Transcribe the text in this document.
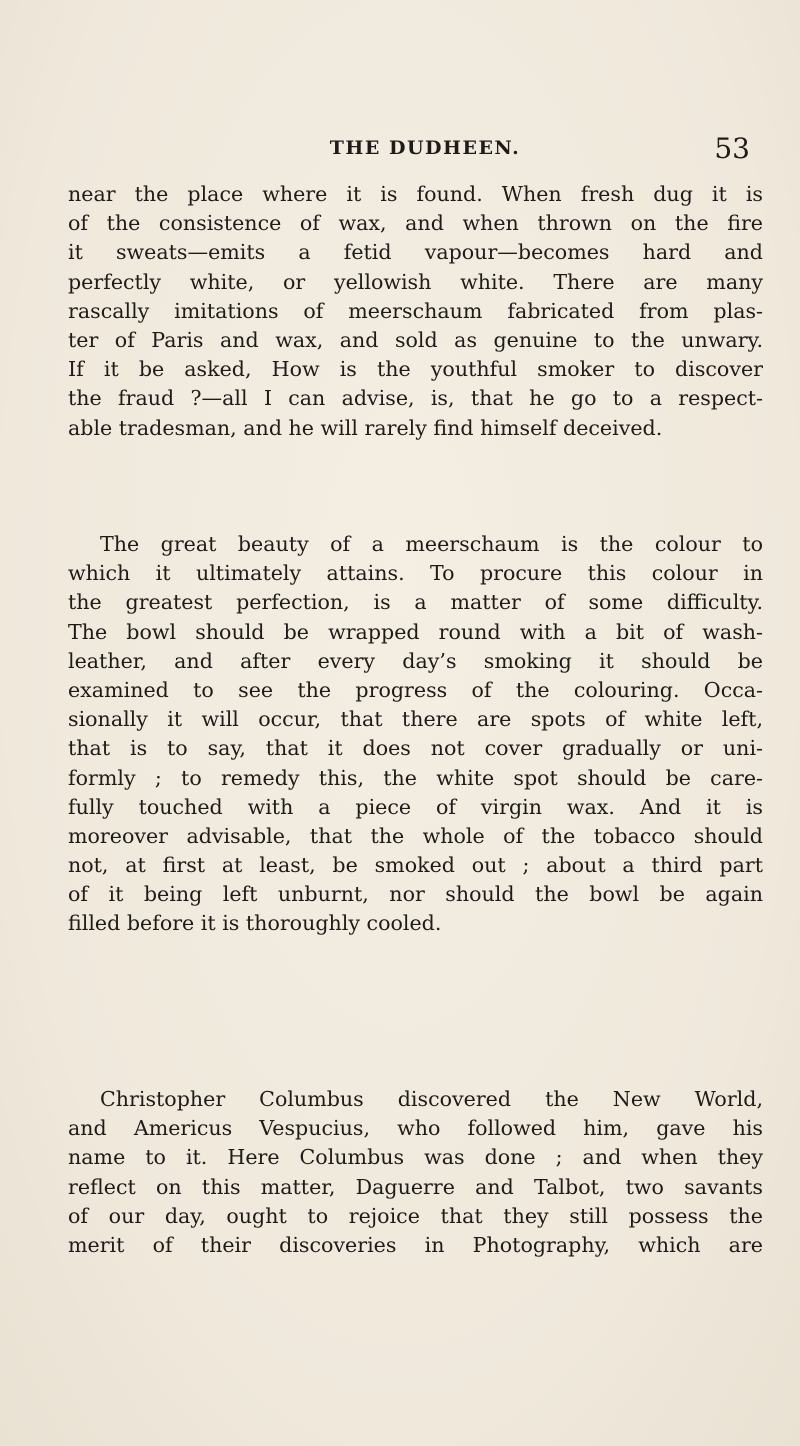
THE DUDHEEN.	53
near the place where it is found. When fresh dug it is
of the consistence of wax, and when thrown on the fire
it sweats—emits a fetid vapour—becomes hard and
perfectly white, or yellowish white. There are many
rascally imitations of meerschaum fabricated from plas-
ter of Paris and wax, and sold as genuine to the unwary.
If it be asked, How is the youthful smoker to discover
the fraud ?—all I can advise, is, that he go to a respect-
able tradesman, and he will rarely find himself deceived.
The great beauty of a meerschaum is the colour to
which it ultimately attains. To procure this colour in
the greatest perfection, is a matter of some difficulty.
The bowl should be wrapped round with a bit of wash-
leather, and after every day’s smoking it should be
examined to see the progress of the colouring. Occa-
sionally it will occur, that there are spots of white left,
that is to say, that it does not cover gradually or uni-
formly ; to remedy this, the white spot should be care-
fully touched with a piece of virgin wax. And it is
moreover advisable, that the whole of the tobacco should
not, at first at least, be smoked out ; about a third part
of it being left unburnt, nor should the bowl be again
filled before it is thoroughly cooled.
Christopher Columbus discovered the New World,
and Americus Vespucius, who followed him, gave his
name to it. Here Columbus was done ; and when they
reflect on this matter, Daguerre and Talbot, two savants
of our day, ought to rejoice that they still possess the
merit of their discoveries in Photography, which are
